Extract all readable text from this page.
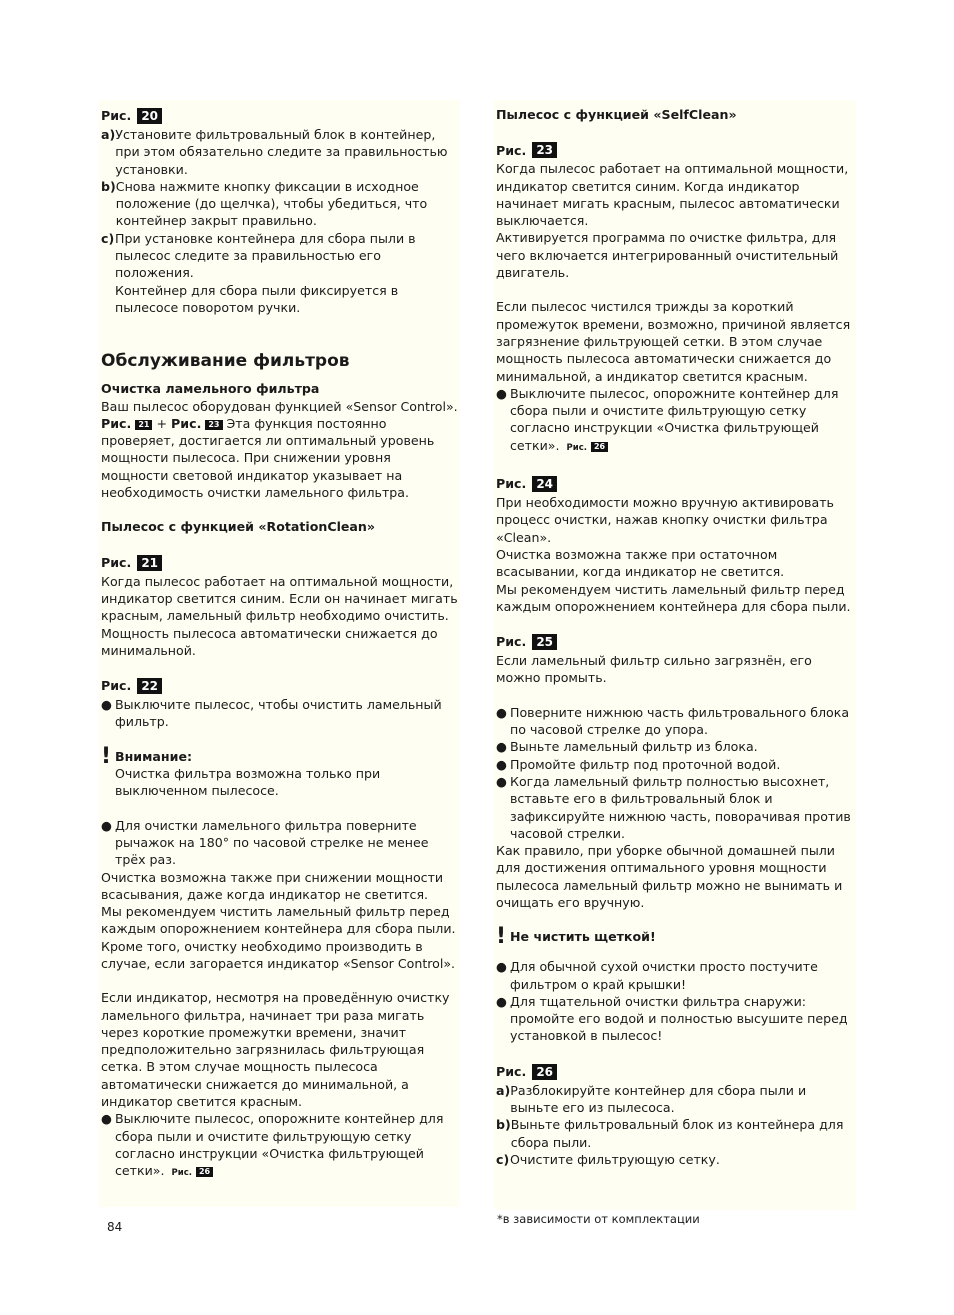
Рис. 20
a) Установите фильтровальный блок в контейнер, при этом обязательно следите за правильностью установки.
b) Снова нажмите кнопку фиксации в исходное положение (до щелчка), чтобы убедиться, что контейнер закрыт правильно.
c) При установке контейнера для сбора пыли в пылесос следите за правильностью его положения.
Контейнер для сбора пыли фиксируется в пылесосе поворотом ручки.
Обслуживание фильтров

Очистка ламельного фильтра

Ваш пылесос оборудован функцией «Sensor Control». Рис. 21 + Рис. 23 Эта функция постоянно проверяет, достигается ли оптимальный уровень мощности пылесоса. При снижении уровня мощности световой индикатор указывает на необходимость очистки ламельного фильтра.

Пылесос с функцией «RotationClean»

Рис. 21

Когда пылесос работает на оптимальной мощности, индикатор светится синим. Если он начинает мигать красным, ламельный фильтр необходимо очистить. Мощность пылесоса автоматически снижается до минимальной.

Рис. 22
● Выключите пылесос, чтобы очистить ламельный фильтр.
! Внимание:

Очистка фильтра возможна только при выключенном пылесосе.

● Для очистки ламельного фильтра поверните рычажок на 180° по часовой стрелке не менее трёх раз.

Очистка возможна также при снижении мощности всасывания, даже когда индикатор не светится.

Мы рекомендуем чистить ламельный фильтр перед каждым опорожнением контейнера для сбора пыли.

Кроме того, очистку необходимо производить в случае, если загорается индикатор «Sensor Control».

Если индикатор, несмотря на проведённую очистку ламельного фильтра, начинает три раза мигать через короткие промежутки времени, значит предположительно загрязнилась фильтрующая сетка. В этом случае мощность пылесоса автоматически снижается до минимальной, а индикатор светится красным.

● Выключите пылесос, опорожните контейнер для сбора пыли и очистите фильтрующую сетку согласно инструкции «Очистка фильтрующей сетки». Рис. 26

Пылесос с функцией «SelfClean»

Рис. 23

Когда пылесос работает на оптимальной мощности, индикатор светится синим. Когда индикатор начинает мигать красным, пылесос автоматически выключается.

Активируется программа по очистке фильтра, для чего включается интегрированный очистительный двигатель.

Если пылесос чистился трижды за короткий промежуток времени, возможно, причиной является загрязнение фильтрующей сетки. В этом случае мощность пылесоса автоматически снижается до минимальной, а индикатор светится красным.

● Выключите пылесос, опорожните контейнер для сбора пыли и очистите фильтрующую сетку согласно инструкции «Очистка фильтрующей сетки». Рис. 26
Рис. 24

При необходимости можно вручную активировать процесс очистки, нажав кнопку очистки фильтра «Clean».

Очистка возможна также при остаточном всасывании, когда индикатор не светится.

Мы рекомендуем чистить ламельный фильтр перед каждым опорожнением контейнера для сбора пыли.

Рис. 25

Если ламельный фильтр сильно загрязнён, его можно промыть.

● Поверните нижнюю часть фильтровального блока по часовой стрелке до упора.
● Выньте ламельный фильтр из блока.
● Промойте фильтр под проточной водой.
● Когда ламельный фильтр полностью высохнет, вставьте его в фильтровальный блок и зафиксируйте нижнюю часть, поворачивая против часовой стрелки.

Как правило, при уборке обычной домашней пыли для достижения оптимального уровня мощности пылесоса ламельный фильтр можно не вынимать и очищать его вручную.

! Не чистить щеткой!

● Для обычной сухой очистки просто постучите фильтром о край крышки!
● Для тщательной очистки фильтра снаружи: промойте его водой и полностью высушите перед установкой в пылесос!
Рис. 26
a) Разблокируйте контейнер для сбора пыли и выньте его из пылесоса.
b) Выньте фильтровальный блок из контейнера для сбора пыли.
c) Очистите фильтрующую сетку.
84
*в зависимости от комплектации
